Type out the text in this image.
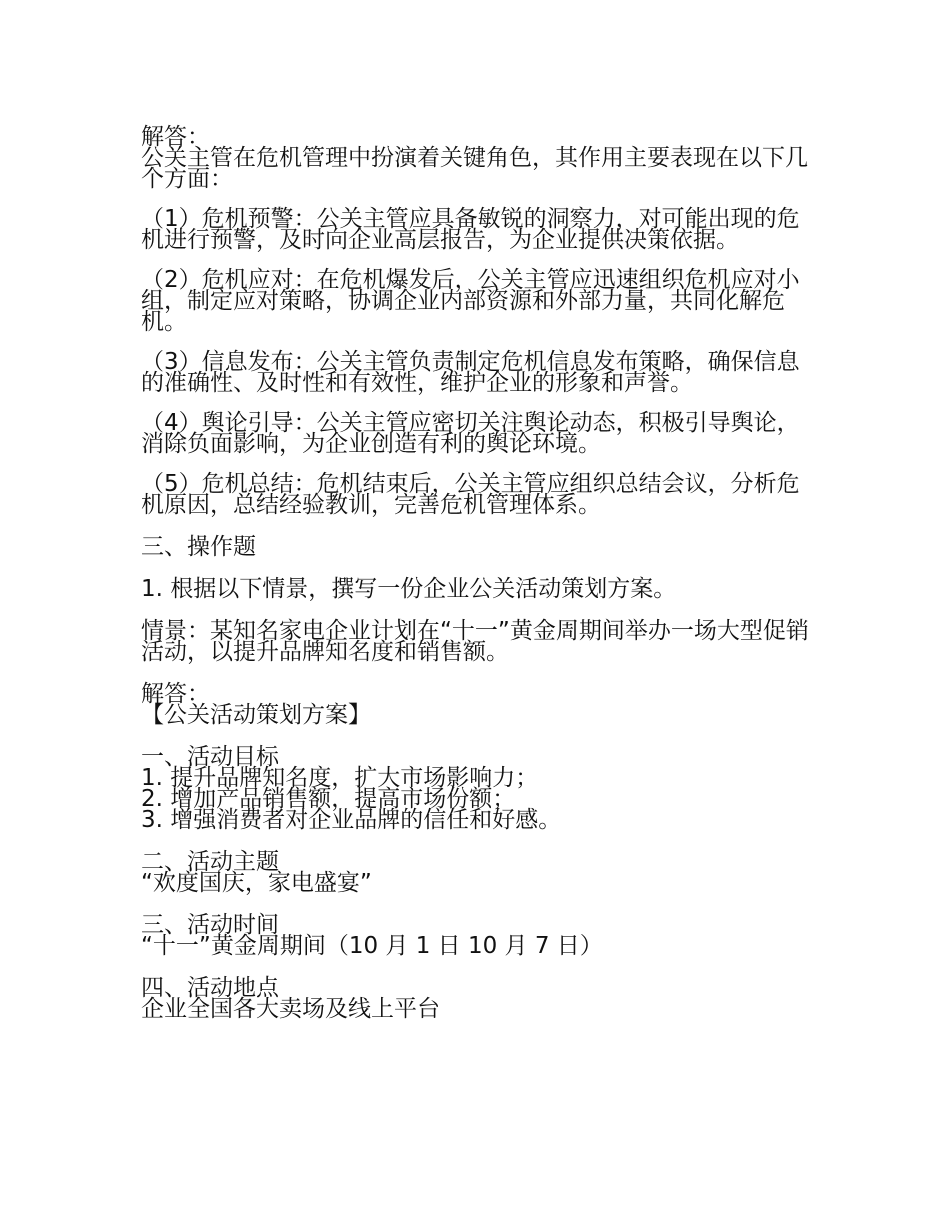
解答：

公关主管在危机管理中扮演着关键角色，其作用主要表现在以下几个方面：

（1）危机预警：公关主管应具备敏锐的洞察力，对可能出现的危机进行预警，及时向企业高层报告，为企业提供决策依据。

（2）危机应对：在危机爆发后，公关主管应迅速组织危机应对小组，制定应对策略，协调企业内部资源和外部力量，共同化解危机。

（3）信息发布：公关主管负责制定危机信息发布策略，确保信息的准确性、及时性和有效性，维护企业的形象和声誉。

（4）舆论引导：公关主管应密切关注舆论动态，积极引导舆论，消除负面影响，为企业创造有利的舆论环境。

（5）危机总结：危机结束后，公关主管应组织总结会议，分析危机原因，总结经验教训，完善危机管理体系。

三、操作题

1. 根据以下情景，撰写一份企业公关活动策划方案。

情景：某知名家电企业计划在“十一”黄金周期间举办一场大型促销活动，以提升品牌知名度和销售额。

解答：

【公关活动策划方案】

一、活动目标

1. 提升品牌知名度，扩大市场影响力；

2. 增加产品销售额，提高市场份额；

3. 增强消费者对企业品牌的信任和好感。

二、活动主题

“欢度国庆，家电盛宴”

三、活动时间

“十一”黄金周期间（10 月 1 日 10 月 7 日）

四、活动地点

企业全国各大卖场及线上平台
